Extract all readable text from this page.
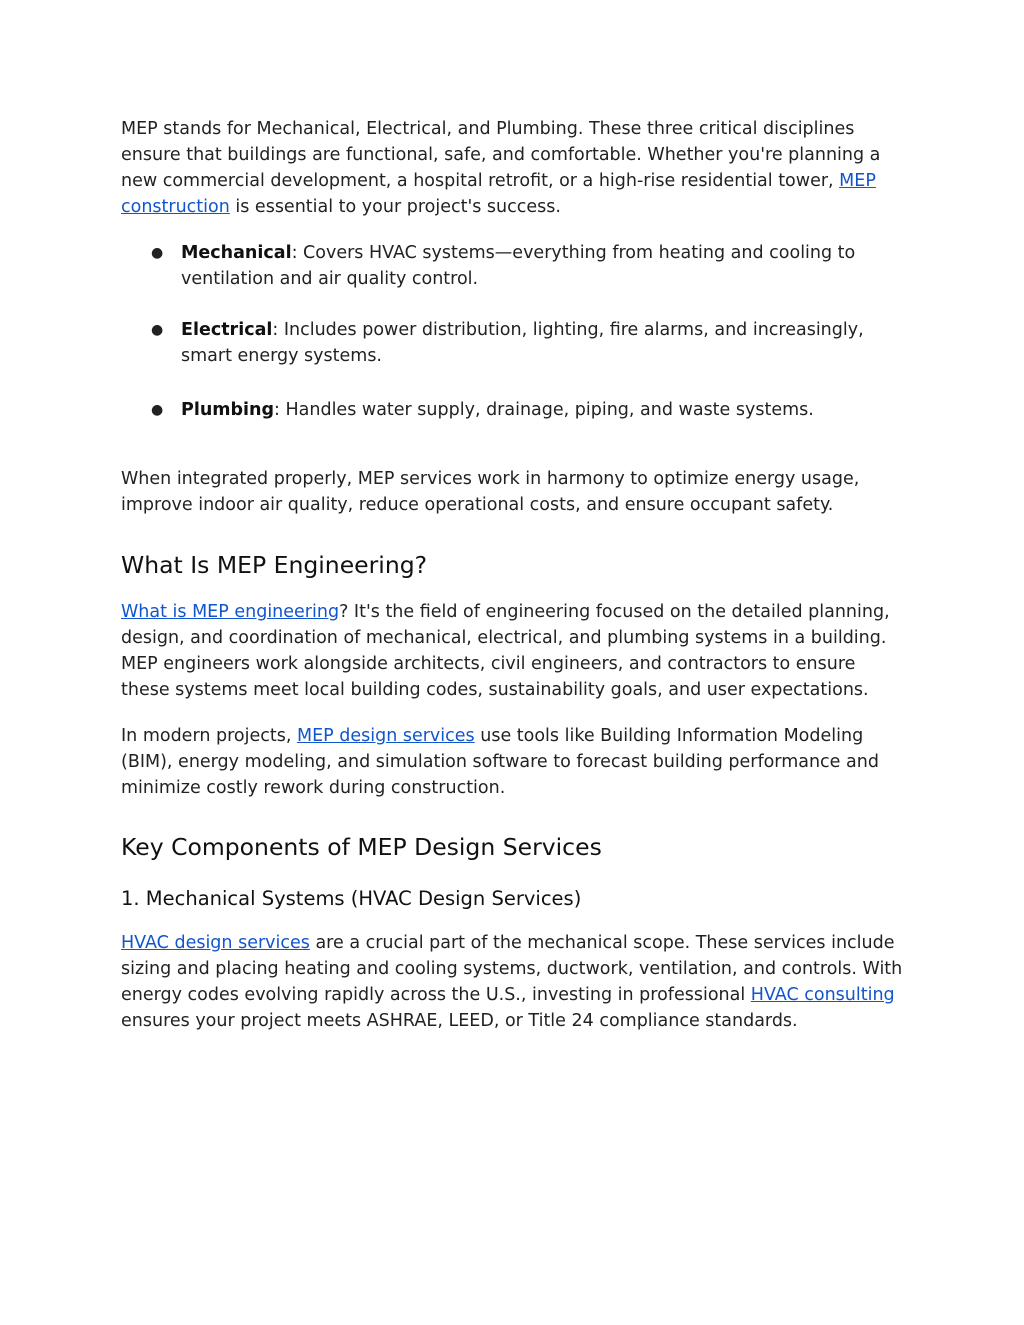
MEP stands for Mechanical, Electrical, and Plumbing. These three critical disciplines ensure that buildings are functional, safe, and comfortable. Whether you're planning a new commercial development, a hospital retrofit, or a high-rise residential tower, MEP construction is essential to your project's success.

● Mechanical: Covers HVAC systems—everything from heating and cooling to ventilation and air quality control.
● Electrical: Includes power distribution, lighting, fire alarms, and increasingly, smart energy systems.
● Plumbing: Handles water supply, drainage, piping, and waste systems.

When integrated properly, MEP services work in harmony to optimize energy usage, improve indoor air quality, reduce operational costs, and ensure occupant safety.

What Is MEP Engineering?

What is MEP engineering? It's the field of engineering focused on the detailed planning, design, and coordination of mechanical, electrical, and plumbing systems in a building. MEP engineers work alongside architects, civil engineers, and contractors to ensure these systems meet local building codes, sustainability goals, and user expectations.

In modern projects, MEP design services use tools like Building Information Modeling (BIM), energy modeling, and simulation software to forecast building performance and minimize costly rework during construction.

Key Components of MEP Design Services
1. Mechanical Systems (HVAC Design Services)

HVAC design services are a crucial part of the mechanical scope. These services include sizing and placing heating and cooling systems, ductwork, ventilation, and controls. With energy codes evolving rapidly across the U.S., investing in professional HVAC consulting ensures your project meets ASHRAE, LEED, or Title 24 compliance standards.
